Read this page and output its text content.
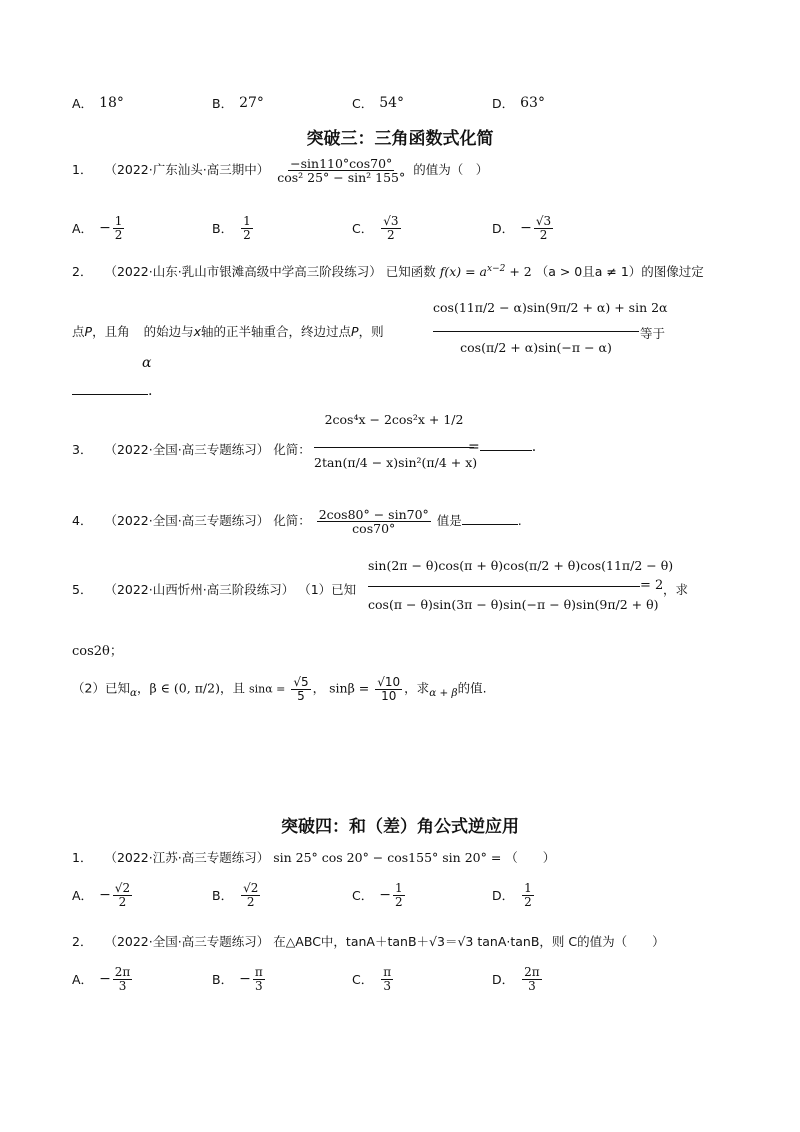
A． 18°	B． 27°	C． 54°	D． 63°
突破三：三角函数式化简
1． （2022·广东汕头·高三期中） $\frac{-\sin 110^\circ\cos 70^\circ}{\text{cos² 25° − sin² 155°}}$ 的值为（　）
A． − $\frac{1}{2}$	B． $\frac{1}{2}$	C． $\frac{√3}{2}$	D． − $\frac{√3}{2}$
2． （2022·山东·乳山市银滩高级中学高三阶段练习） 已知函数 $f(x) = a^{x-2} + 2$ （a > 0且a ≠ 1）的图像过定
点P，且角 的始边与x轴的正半轴重合，终边过点P，则
cos(11π/2 − α)sin(9π/2 + α) + sin 2α
cos(π/2 + α)sin(−π − α)
等于
α
.
3． （2022·全国·高三专题练习） 化简：
2cos⁴x − 2cos²x + 1/2
2tan(π/4 − x)sin²(π/4 + x)
=	.
4． （2022·全国·高三专题练习） 化简： $\frac{2\cos 80^\circ - \sin 70^\circ}{\cos 70^\circ}$ 值是	.
5． （2022·山西忻州·高三阶段练习） （1）已知
sin(2π − θ)cos(π + θ)cos(π/2 + θ)cos(11π/2 − θ)
cos(π − θ)sin(3π − θ)sin(−π − θ)sin(9π/2 + θ)
= 2 ，求
cos2θ；
（2）已知$_\alpha$，β ∈ (0, π/2)，且 $\sin\alpha = \frac{√5}{5}$ ， $\sin\beta = \frac{√10}{10}$ ，求$_{\alpha + \beta}$的值.
突破四：和（差）角公式逆应用
1． （2022·江苏·高三专题练习） sin 25° cos 20° − cos155° sin 20° = （　　）
A． − $\frac{√2}{2}$	B． $\frac{√2}{2}$	C． − $\frac{1}{2}$	D． $\frac{1}{2}$
2． （2022·全国·高三专题练习） 在△ABC中，tanA＋tanB＋√3＝√3 tanA·tanB，则 C的值为（　　）
A． − $\frac{2\pi}{3}$	B． − $\frac{\pi}{3}$	C． $\frac{\pi}{3}$	D． $\frac{2\pi}{3}$
